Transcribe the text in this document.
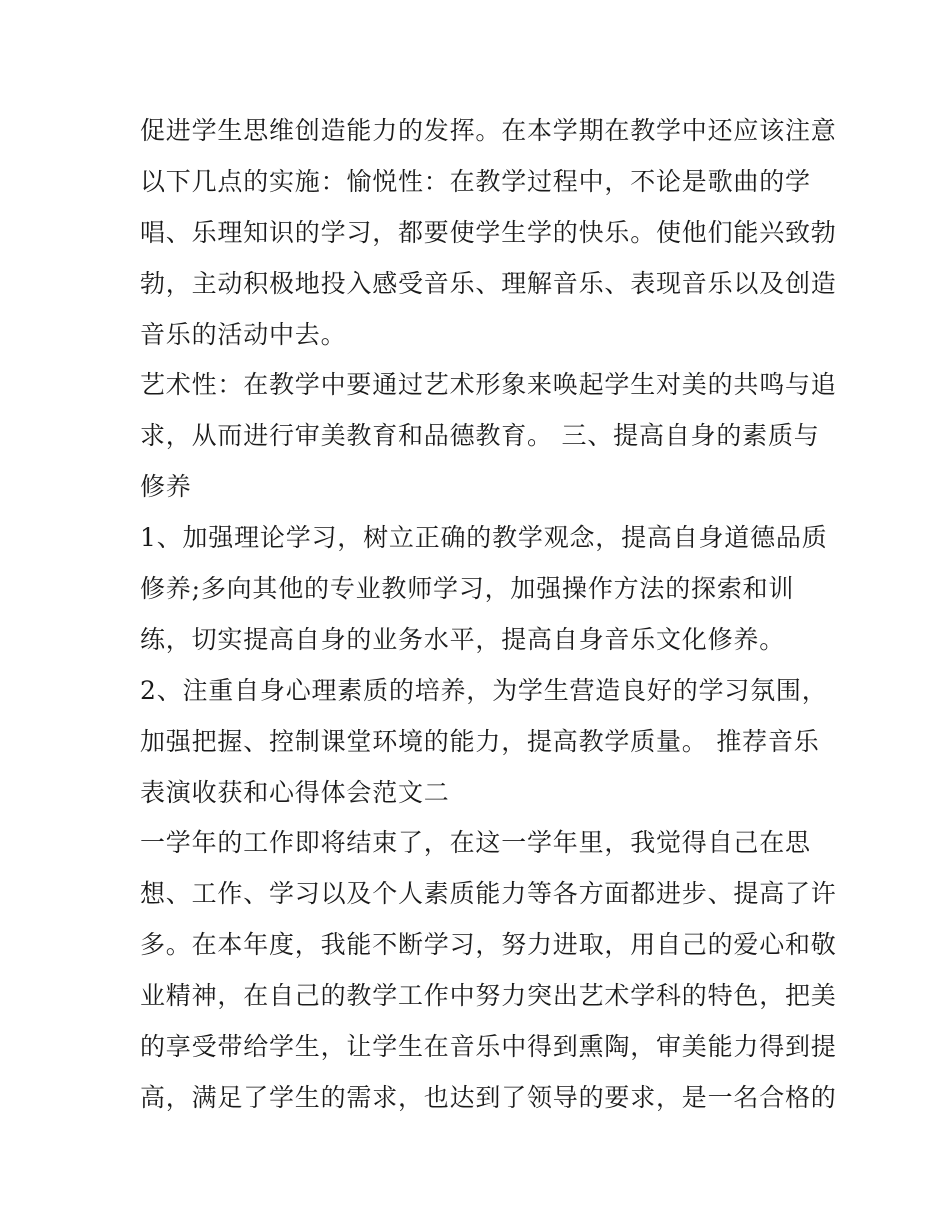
促进学生思维创造能力的发挥。在本学期在教学中还应该注意
以下几点的实施：愉悦性：在教学过程中，不论是歌曲的学
唱、乐理知识的学习，都要使学生学的快乐。使他们能兴致勃
勃，主动积极地投入感受音乐、理解音乐、表现音乐以及创造
音乐的活动中去。
艺术性：在教学中要通过艺术形象来唤起学生对美的共鸣与追
求，从而进行审美教育和品德教育。 三、提高自身的素质与
修养
1、加强理论学习，树立正确的教学观念，提高自身道德品质
修养;多向其他的专业教师学习，加强操作方法的探索和训
练，切实提高自身的业务水平，提高自身音乐文化修养。
2、注重自身心理素质的培养，为学生营造良好的学习氛围，
加强把握、控制课堂环境的能力，提高教学质量。 推荐音乐
表演收获和心得体会范文二
一学年的工作即将结束了，在这一学年里，我觉得自己在思
想、工作、学习以及个人素质能力等各方面都进步、提高了许
多。在本年度，我能不断学习，努力进取，用自己的爱心和敬
业精神，在自己的教学工作中努力突出艺术学科的特色，把美
的享受带给学生，让学生在音乐中得到熏陶，审美能力得到提
高，满足了学生的需求，也达到了领导的要求，是一名合格的
